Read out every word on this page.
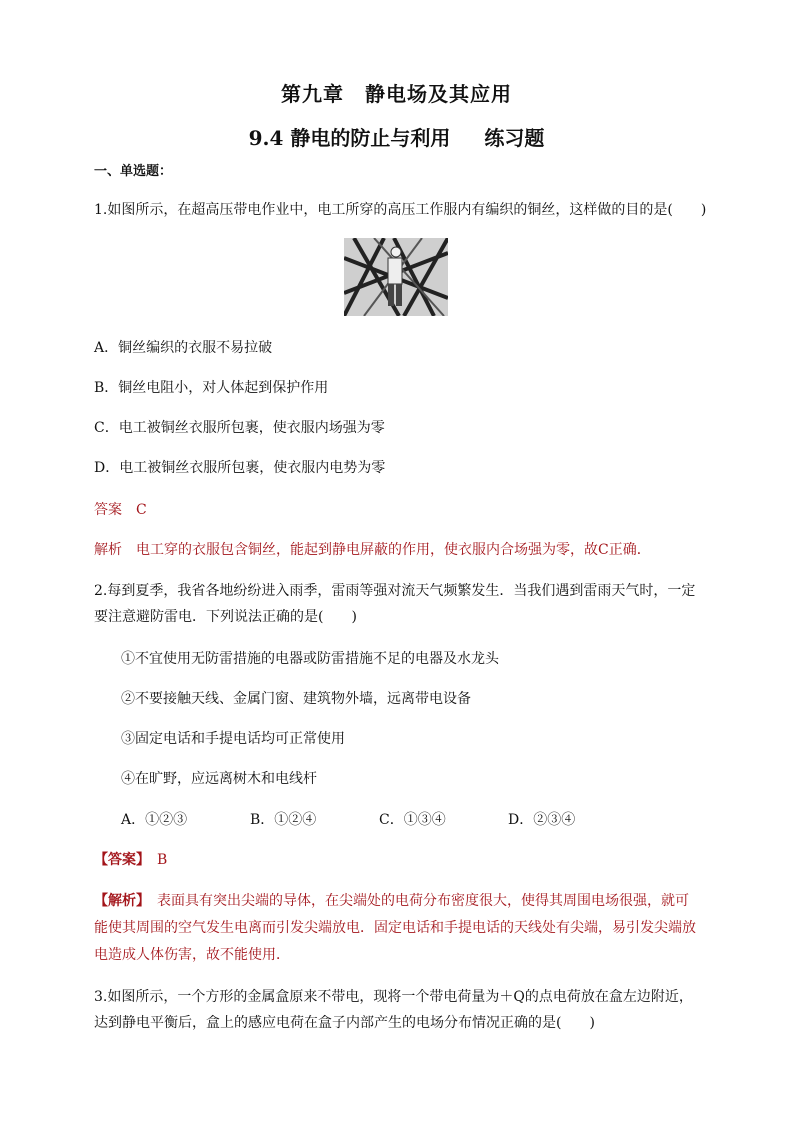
第九章　静电场及其应用
9.4 静电的防止与利用 练习题
一、单选题：
1.如图所示，在超高压带电作业中，电工所穿的高压工作服内有编织的铜丝，这样做的目的是(　　)
A．铜丝编织的衣服不易拉破
B．铜丝电阻小，对人体起到保护作用
C．电工被铜丝衣服所包裹，使衣服内场强为零
D．电工被铜丝衣服所包裹，使衣服内电势为零
答案　 C
解析　 电工穿的衣服包含铜丝，能起到静电屏蔽的作用，使衣服内合场强为零，故C正确．
2.每到夏季，我省各地纷纷进入雨季，雷雨等强对流天气频繁发生．当我们遇到雷雨天气时，一定
要注意避防雷电．下列说法正确的是(　　)
①不宜使用无防雷措施的电器或防雷措施不足的电器及水龙头
②不要接触天线、金属门窗、建筑物外墙，远离带电设备
③固定电话和手提电话均可正常使用
④在旷野，应远离树木和电线杆
A．①②③	B．①②④	C．①③④	D．②③④
【答案】　 B
【解析】　 表面具有突出尖端的导体，在尖端处的电荷分布密度很大，使得其周围电场很强，就可
能使其周围的空气发生电离而引发尖端放电．固定电话和手提电话的天线处有尖端，易引发尖端放
电造成人体伤害，故不能使用．
3.如图所示，一个方形的金属盒原来不带电，现将一个带电荷量为＋Q的点电荷放在盒左边附近，
达到静电平衡后，盒上的感应电荷在盒子内部产生的电场分布情况正确的是(　　)
